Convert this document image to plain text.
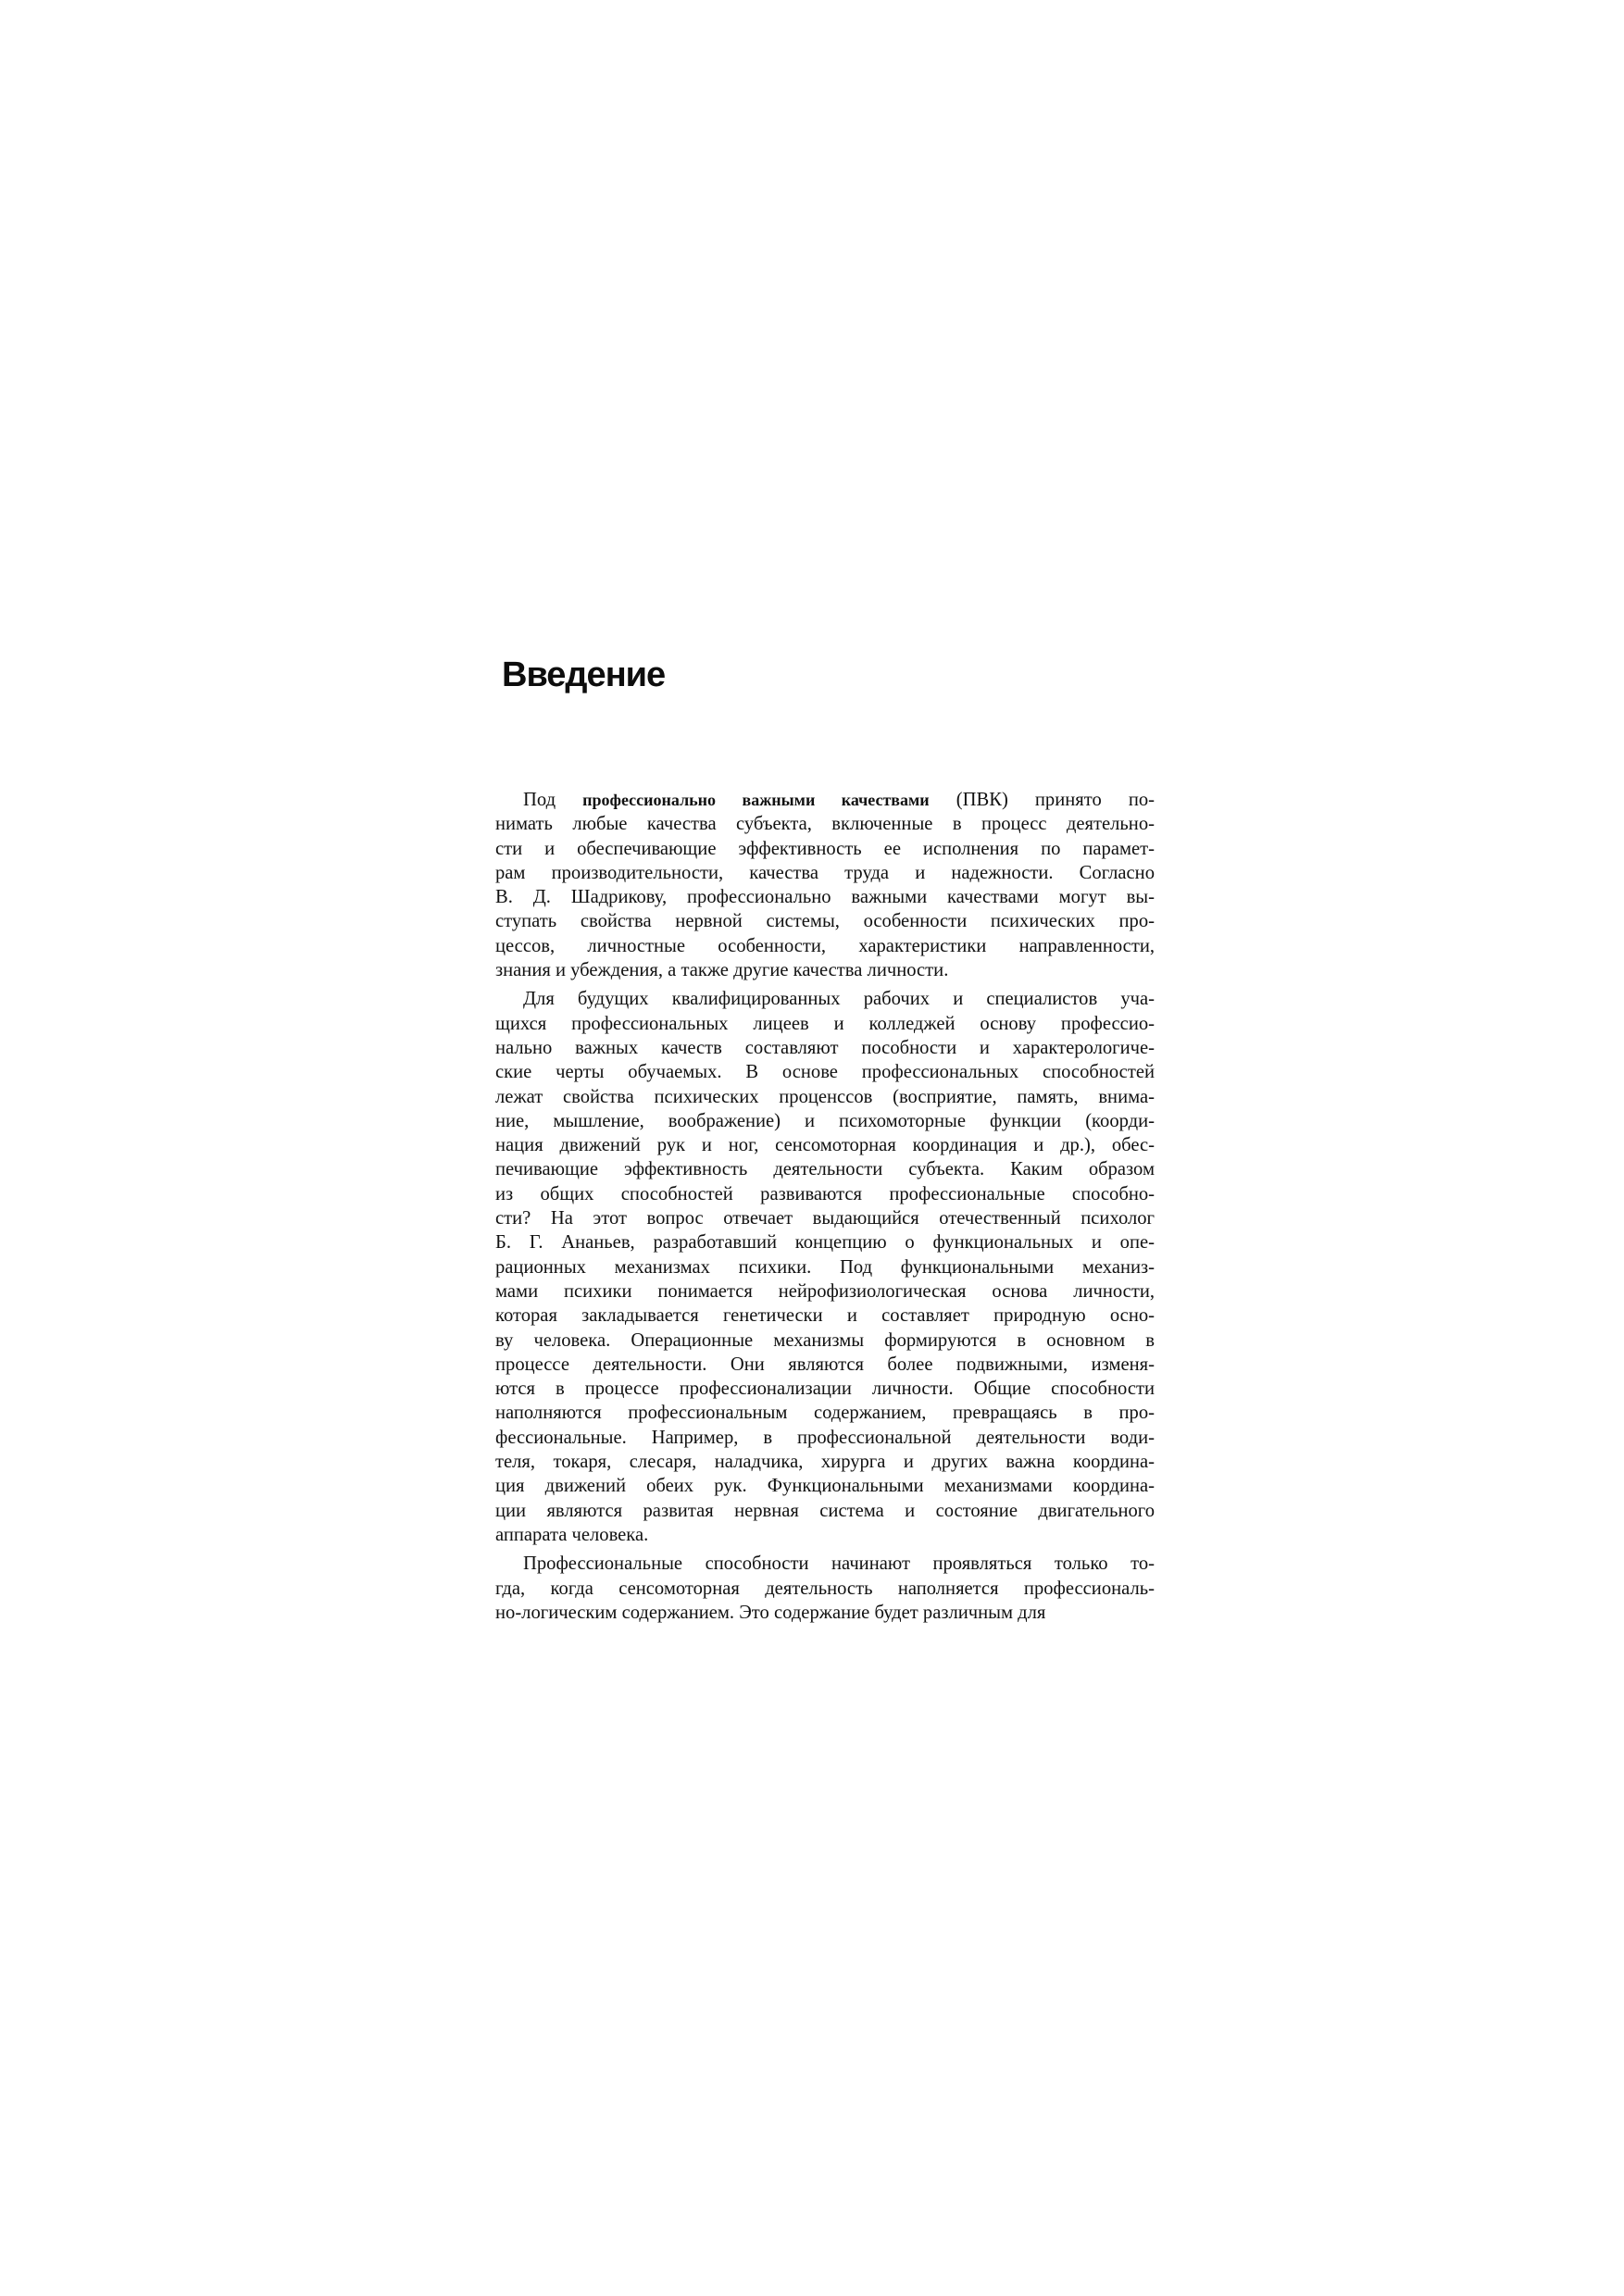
Введение
Под профессионально важными качествами (ПВК) принято по-
нимать любые качества субъекта, включенные в процесс деятельно-
сти и обеспечивающие эффективность ее исполнения по парамет-
рам производительности, качества труда и надежности. Согласно
В. Д. Шадрикову, профессионально важными качествами могут вы-
ступать свойства нервной системы, особенности психических про-
цессов, личностные особенности, характеристики направленности,
знания и убеждения, а также другие качества личности.
Для будущих квалифицированных рабочих и специалистов уча-
щихся профессиональных лицеев и колледжей основу профессио-
нально важных качеств составляют пособности и характерологиче-
ские черты обучаемых. В основе профессиональных способностей
лежат свойства психических проценссов (восприятие, память, внима-
ние, мышление, воображение) и психомоторные функции (коорди-
нация движений рук и ног, сенсомоторная координация и др.), обес-
печивающие эффективность деятельности субъекта. Каким образом
из общих способностей развиваются профессиональные способно-
сти? На этот вопрос отвечает выдающийся отечественный психолог
Б. Г. Ананьев, разработавший концепцию о функциональных и опе-
рационных механизмах психики. Под функциональными механиз-
мами психики понимается нейрофизиологическая основа личности,
которая закладывается генетически и составляет природную осно-
ву человека. Операционные механизмы формируются в основном в
процессе деятельности. Они являются более подвижными, изменя-
ются в процессе профессионализации личности. Общие способности
наполняются профессиональным содержанием, превращаясь в про-
фессиональные. Например, в профессиональной деятельности води-
теля, токаря, слесаря, наладчика, хирурга и других важна координа-
ция движений обеих рук. Функциональными механизмами координа-
ции являются развитая нервная система и состояние двигательного
аппарата человека.
Профессиональные способности начинают проявляться только то-
гда, когда сенсомоторная деятельность наполняется профессиональ-
но-логическим содержанием. Это содержание будет различным для
